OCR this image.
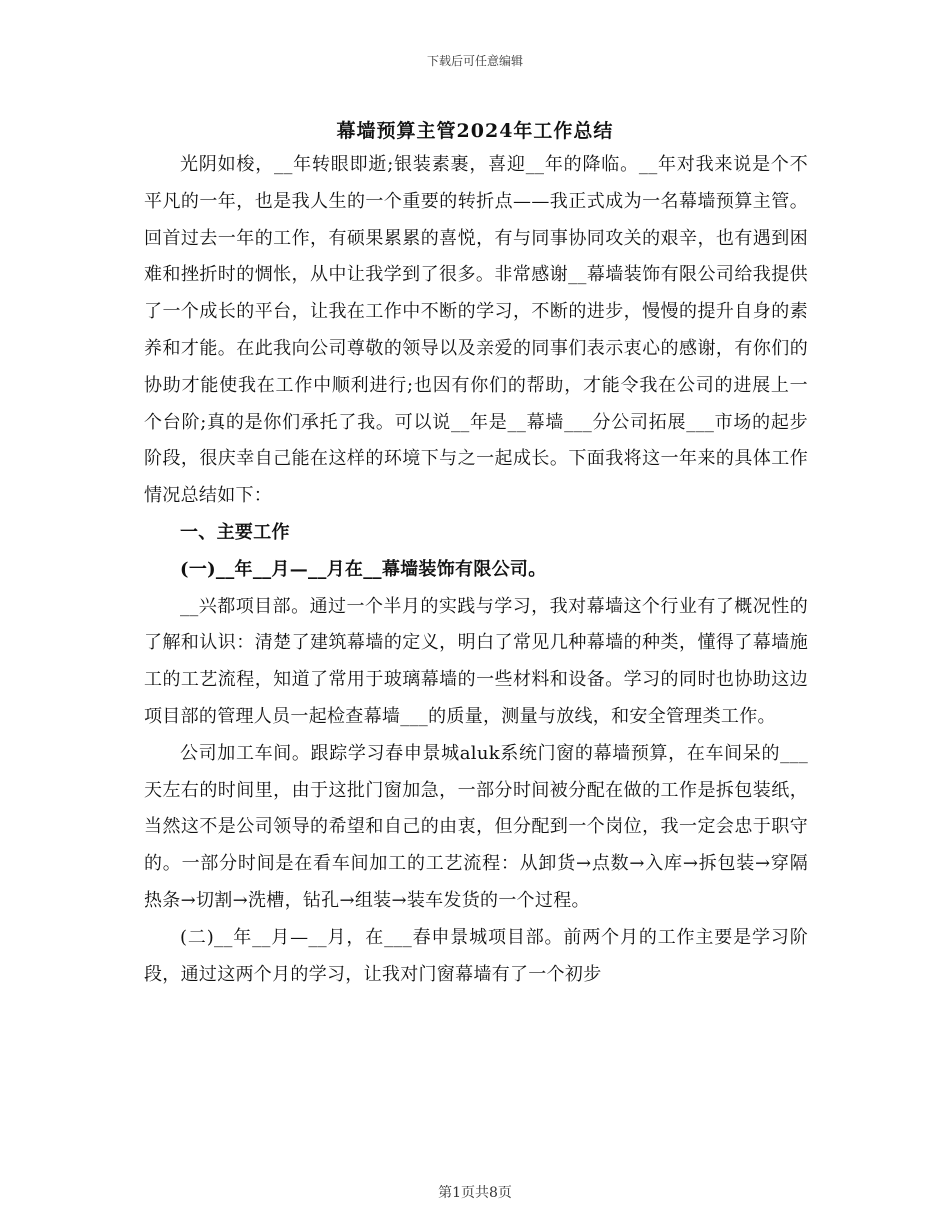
下载后可任意编辑
幕墙预算主管2024年工作总结

光阴如梭，__年转眼即逝;银装素裹，喜迎__年的降临。__年对我来说是个不平凡的一年，也是我人生的一个重要的转折点——我正式成为一名幕墙预算主管。回首过去一年的工作，有硕果累累的喜悦，有与同事协同攻关的艰辛，也有遇到困难和挫折时的惆怅，从中让我学到了很多。非常感谢__幕墙装饰有限公司给我提供了一个成长的平台，让我在工作中不断的学习，不断的进步，慢慢的提升自身的素养和才能。在此我向公司尊敬的领导以及亲爱的同事们表示衷心的感谢，有你们的协助才能使我在工作中顺利进行;也因有你们的帮助，才能令我在公司的进展上一个台阶;真的是你们承托了我。可以说__年是__幕墙___分公司拓展___市场的起步阶段，很庆幸自己能在这样的环境下与之一起成长。下面我将这一年来的具体工作情况总结如下：

一、主要工作
(一)__年__月—__月在__幕墙装饰有限公司。

__兴都项目部。通过一个半月的实践与学习，我对幕墙这个行业有了概况性的了解和认识：清楚了建筑幕墙的定义，明白了常见几种幕墙的种类，懂得了幕墙施工的工艺流程，知道了常用于玻璃幕墙的一些材料和设备。学习的同时也协助这边项目部的管理人员一起检查幕墙___的质量，测量与放线，和安全管理类工作。

公司加工车间。跟踪学习春申景城aluk系统门窗的幕墙预算，在车间呆的___天左右的时间里，由于这批门窗加急，一部分时间被分配在做的工作是拆包装纸，当然这不是公司领导的希望和自己的由衷，但分配到一个岗位，我一定会忠于职守的。一部分时间是在看车间加工的工艺流程：从卸货→点数→入库→拆包装→穿隔热条→切割→洗槽，钻孔→组装→装车发货的一个过程。

(二)__年__月—__月，在___春申景城项目部。前两个月的工作主要是学习阶段，通过这两个月的学习，让我对门窗幕墙有了一个初步

第1页共8页
